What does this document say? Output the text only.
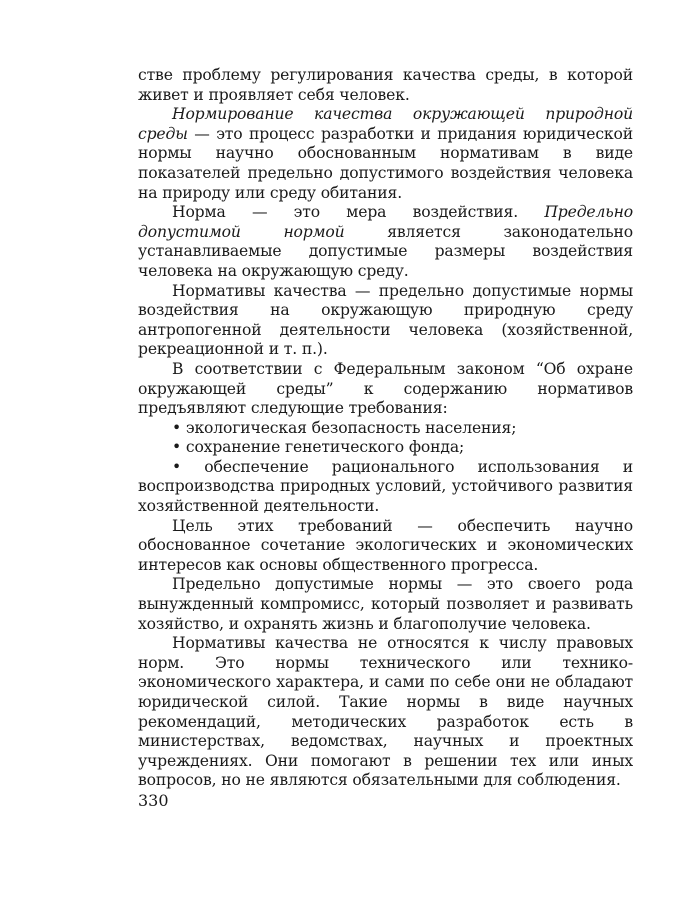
стве проблему регулирования качества среды, в которой живет и проявляет себя человек.

Нормирование качества окружающей природной среды — это процесс разработки и придания юридической нормы научно обоснованным нормативам в виде показателей предельно допустимого воздействия человека на природу или среду обитания.

Норма — это мера воздействия. Предельно допустимой нормой является законодательно устанавливаемые допустимые размеры воздействия человека на окружающую среду.

Нормативы качества — предельно допустимые нормы воздействия на окружающую природную среду антропогенной деятельности человека (хозяйственной, рекреационной и т. п.).

В соответствии с Федеральным законом “Об охране окружающей среды” к содержанию нормативов предъявляют следующие требования:

• экологическая безопасность населения;

• сохранение генетического фонда;

• обеспечение рационального использования и воспроизводства природных условий, устойчивого развития хозяйственной деятельности.

Цель этих требований — обеспечить научно обоснованное сочетание экологических и экономических интересов как основы общественного прогресса.

Предельно допустимые нормы — это своего рода вынужденный компромисс, который позволяет и развивать хозяйство, и охранять жизнь и благополучие человека.

Нормативы качества не относятся к числу правовых норм. Это нормы технического или технико-экономического характера, и сами по себе они не обладают юридической силой. Такие нормы в виде научных рекомендаций, методических разработок есть в министерствах, ведомствах, научных и проектных учреждениях. Они помогают в решении тех или иных вопросов, но не являются обязательными для соблюдения.

330
